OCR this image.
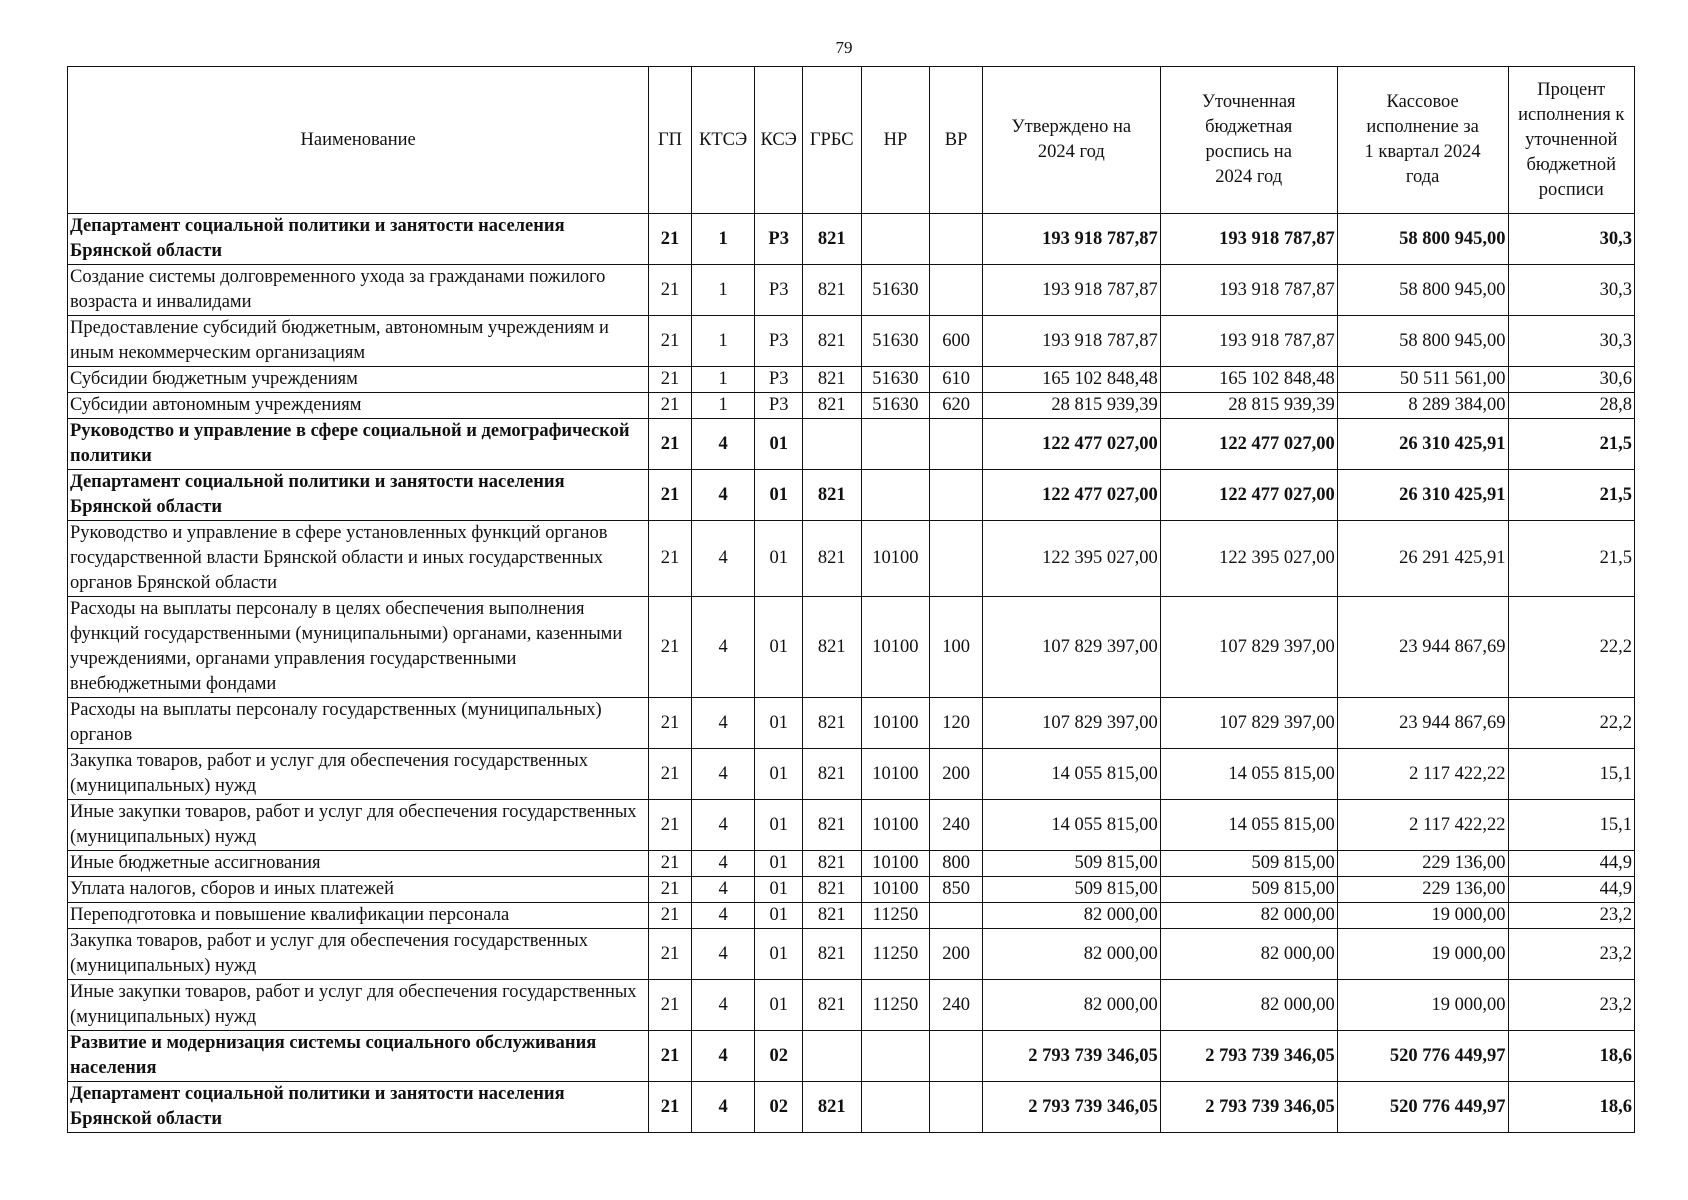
79
Наименование	ГП	КТСЭ	КСЭ	ГРБС	НР	ВР	Утверждено на 2024 год	Уточненная бюджетная роспись на 2024 год	Кассовое исполнение за 1 квартал 2024 года	Процент исполнения к уточненной бюджетной росписи
Департамент социальной политики и занятости населения Брянской области	21	1	Р3	821			193 918 787,87	193 918 787,87	58 800 945,00	30,3
Создание системы долговременного ухода за гражданами пожилого возраста и инвалидами	21	1	Р3	821	51630		193 918 787,87	193 918 787,87	58 800 945,00	30,3
Предоставление субсидий бюджетным, автономным учреждениям и иным некоммерческим организациям	21	1	Р3	821	51630	600	193 918 787,87	193 918 787,87	58 800 945,00	30,3
Субсидии бюджетным учреждениям	21	1	Р3	821	51630	610	165 102 848,48	165 102 848,48	50 511 561,00	30,6
Субсидии автономным учреждениям	21	1	Р3	821	51630	620	28 815 939,39	28 815 939,39	8 289 384,00	28,8
Руководство и управление в сфере социальной и демографической политики	21	4	01				122 477 027,00	122 477 027,00	26 310 425,91	21,5
Департамент социальной политики и занятости населения Брянской области	21	4	01	821			122 477 027,00	122 477 027,00	26 310 425,91	21,5
Руководство и управление в сфере установленных функций органов государственной власти Брянской области и иных государственных органов Брянской области	21	4	01	821	10100		122 395 027,00	122 395 027,00	26 291 425,91	21,5
Расходы на выплаты персоналу в целях обеспечения выполнения функций государственными (муниципальными) органами, казенными учреждениями, органами управления государственными внебюджетными фондами	21	4	01	821	10100	100	107 829 397,00	107 829 397,00	23 944 867,69	22,2
Расходы на выплаты персоналу государственных (муниципальных) органов	21	4	01	821	10100	120	107 829 397,00	107 829 397,00	23 944 867,69	22,2
Закупка товаров, работ и услуг для обеспечения государственных (муниципальных) нужд	21	4	01	821	10100	200	14 055 815,00	14 055 815,00	2 117 422,22	15,1
Иные закупки товаров, работ и услуг для обеспечения государственных (муниципальных) нужд	21	4	01	821	10100	240	14 055 815,00	14 055 815,00	2 117 422,22	15,1
Иные бюджетные ассигнования	21	4	01	821	10100	800	509 815,00	509 815,00	229 136,00	44,9
Уплата налогов, сборов и иных платежей	21	4	01	821	10100	850	509 815,00	509 815,00	229 136,00	44,9
Переподготовка и повышение квалификации персонала	21	4	01	821	11250		82 000,00	82 000,00	19 000,00	23,2
Закупка товаров, работ и услуг для обеспечения государственных (муниципальных) нужд	21	4	01	821	11250	200	82 000,00	82 000,00	19 000,00	23,2
Иные закупки товаров, работ и услуг для обеспечения государственных (муниципальных) нужд	21	4	01	821	11250	240	82 000,00	82 000,00	19 000,00	23,2
Развитие и модернизация системы социального обслуживания населения	21	4	02				2 793 739 346,05	2 793 739 346,05	520 776 449,97	18,6
Департамент социальной политики и занятости населения Брянской области	21	4	02	821			2 793 739 346,05	2 793 739 346,05	520 776 449,97	18,6
